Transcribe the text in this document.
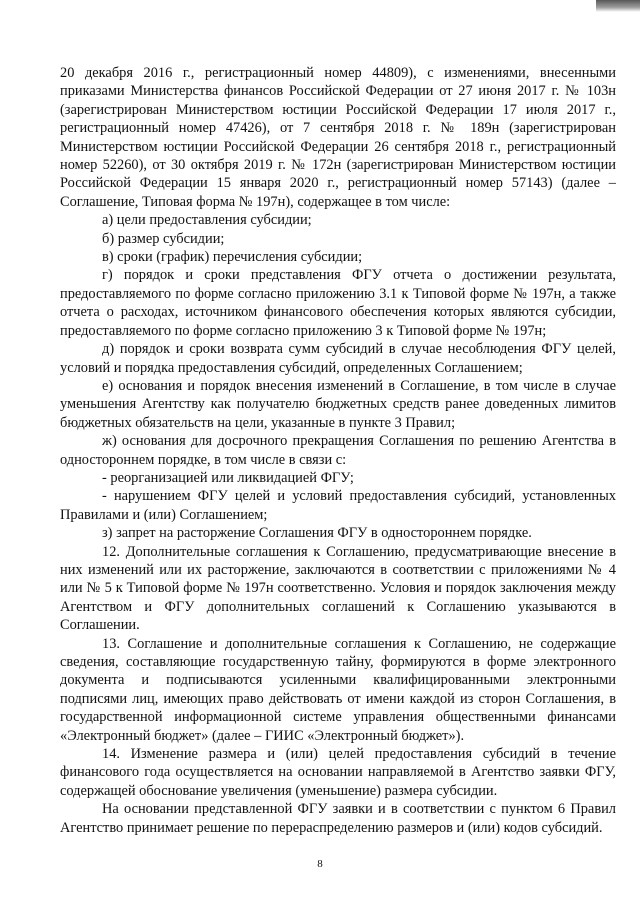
20 декабря 2016 г., регистрационный номер 44809), с изменениями, внесенными приказами Министерства финансов Российской Федерации от 27 июня 2017 г. № 103н (зарегистрирован Министерством юстиции Российской Федерации 17 июля 2017 г., регистрационный номер 47426), от 7 сентября 2018 г. № 189н (зарегистрирован Министерством юстиции Российской Федерации 26 сентября 2018 г., регистрационный номер 52260), от 30 октября 2019 г. № 172н (зарегистрирован Министерством юстиции Российской Федерации 15 января 2020 г., регистрационный номер 57143) (далее – Соглашение, Типовая форма № 197н), содержащее в том числе:

а) цели предоставления субсидии;

б) размер субсидии;

в) сроки (график) перечисления субсидии;

г) порядок и сроки представления ФГУ отчета о достижении результата, предоставляемого по форме согласно приложению 3.1 к Типовой форме № 197н, а также отчета о расходах, источником финансового обеспечения которых являются субсидии, предоставляемого по форме согласно приложению 3 к Типовой форме № 197н;

д) порядок и сроки возврата сумм субсидий в случае несоблюдения ФГУ целей, условий и порядка предоставления субсидий, определенных Соглашением;

е) основания и порядок внесения изменений в Соглашение, в том числе в случае уменьшения Агентству как получателю бюджетных средств ранее доведенных лимитов бюджетных обязательств на цели, указанные в пункте 3 Правил;

ж) основания для досрочного прекращения Соглашения по решению Агентства в одностороннем порядке, в том числе в связи с:

- реорганизацией или ликвидацией ФГУ;

- нарушением ФГУ целей и условий предоставления субсидий, установленных Правилами и (или) Соглашением;

з) запрет на расторжение Соглашения ФГУ в одностороннем порядке.

12. Дополнительные соглашения к Соглашению, предусматривающие внесение в них изменений или их расторжение, заключаются в соответствии с приложениями № 4 или № 5 к Типовой форме № 197н соответственно. Условия и порядок заключения между Агентством и ФГУ дополнительных соглашений к Соглашению указываются в Соглашении.

13. Соглашение и дополнительные соглашения к Соглашению, не содержащие сведения, составляющие государственную тайну, формируются в форме электронного документа и подписываются усиленными квалифицированными электронными подписями лиц, имеющих право действовать от имени каждой из сторон Соглашения, в государственной информационной системе управления общественными финансами «Электронный бюджет» (далее – ГИИС «Электронный бюджет»).

14. Изменение размера и (или) целей предоставления субсидий в течение финансового года осуществляется на основании направляемой в Агентство заявки ФГУ, содержащей обоснование увеличения (уменьшение) размера субсидии.

На основании представленной ФГУ заявки и в соответствии с пунктом 6 Правил Агентство принимает решение по перераспределению размеров и (или) кодов субсидий.

8
